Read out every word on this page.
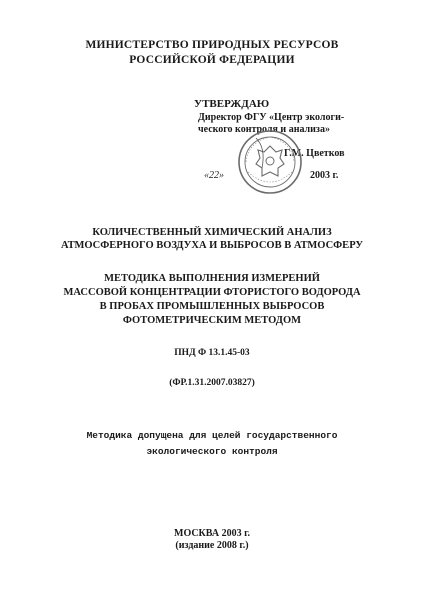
МИНИСТЕРСТВО ПРИРОДНЫХ РЕСУРСОВ
РОССИЙСКОЙ ФЕДЕРАЦИИ
УТВЕРЖДАЮ
Директор ФГУ «Центр экологи-
ческого контроля и анализа»
Г.М. Цветков
«22»	2003 г.
КОЛИЧЕСТВЕННЫЙ ХИМИЧЕСКИЙ АНАЛИЗ
АТМОСФЕРНОГО ВОЗДУХА И ВЫБРОСОВ В АТМОСФЕРУ
МЕТОДИКА ВЫПОЛНЕНИЯ ИЗМЕРЕНИЙ
МАССОВОЙ КОНЦЕНТРАЦИИ ФТОРИСТОГО ВОДОРОДА
В ПРОБАХ ПРОМЫШЛЕННЫХ ВЫБРОСОВ
ФОТОМЕТРИЧЕСКИМ МЕТОДОМ
ПНД Ф 13.1.45-03
(ФР.1.31.2007.03827)
Методика допущена для целей государственного
экологического контроля
МОСКВА 2003 г.
(издание 2008 г.)
